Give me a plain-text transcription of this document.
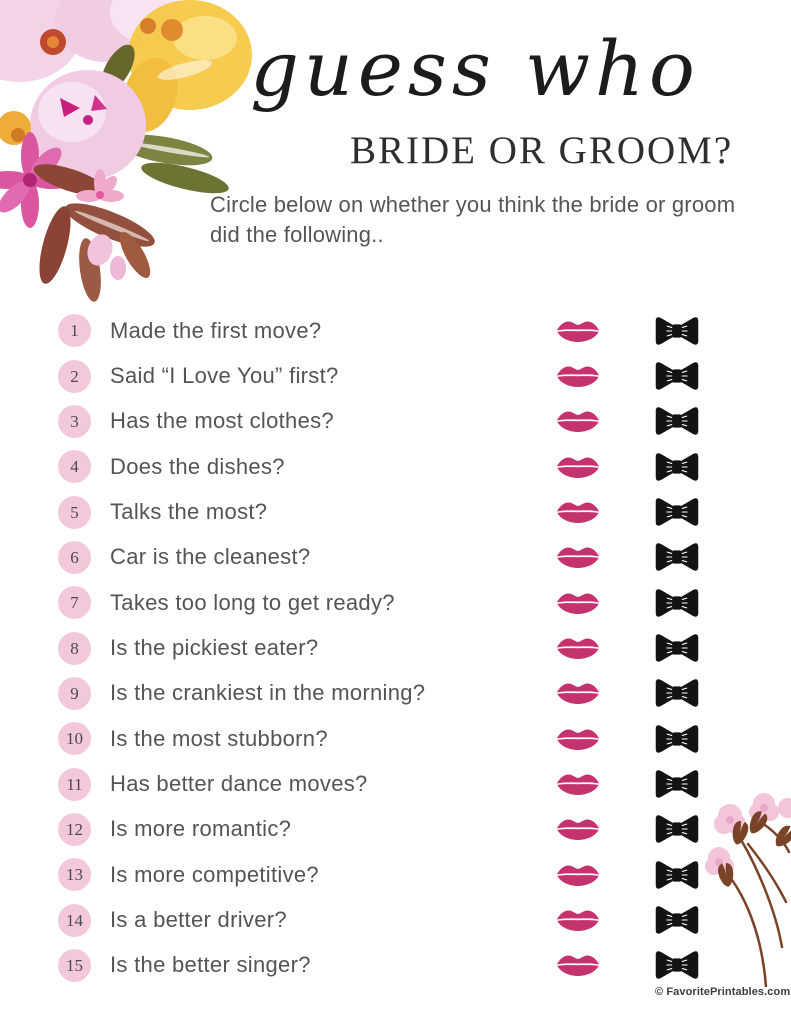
guess who
BRIDE OR GROOM?

Circle below on whether you think the bride or groom did the following..

1 Made the first move?
2 Said “I Love You” first?
3 Has the most clothes?
4 Does the dishes?
5 Talks the most?
6 Car is the cleanest?
7 Takes too long to get ready?
8 Is the pickiest eater?
9 Is the crankiest in the morning?
10 Is the most stubborn?
11 Has better dance moves?
12 Is more romantic?
13 Is more competitive?
14 Is a better driver?
15 Is the better singer?
© FavoritePrintables.com
